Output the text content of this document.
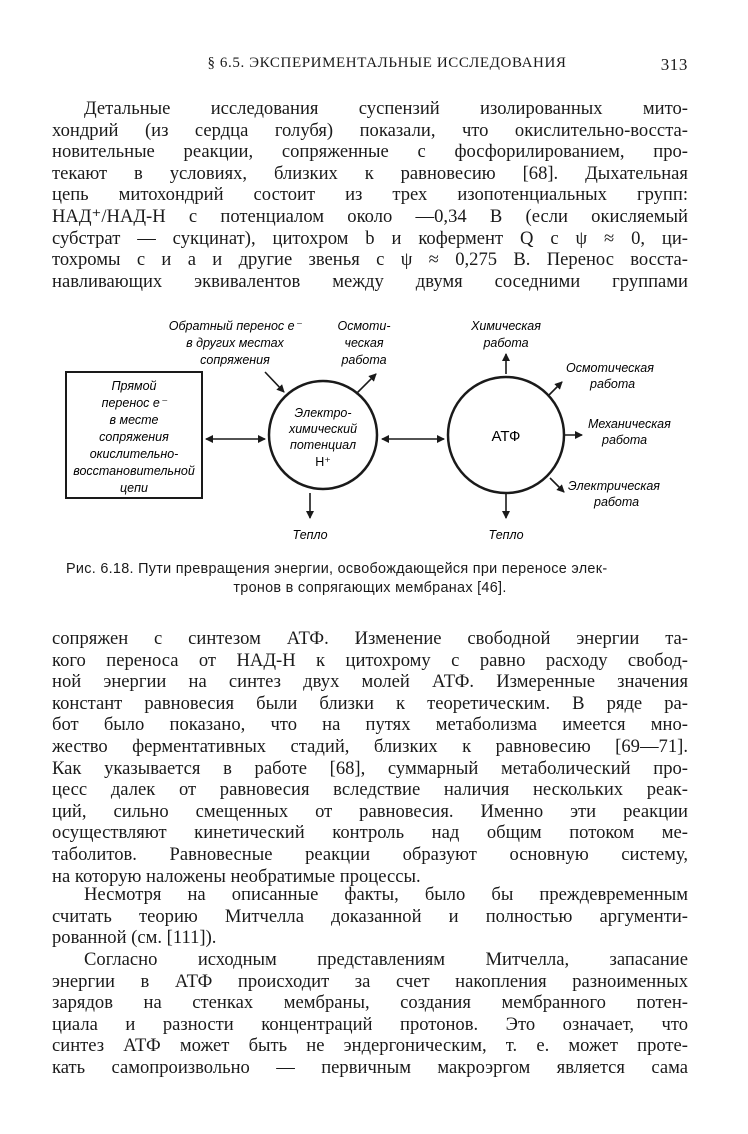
§ 6.5. ЭКСПЕРИМЕНТАЛЬНЫЕ ИССЛЕДОВАНИЯ	313
Детальные исследования суспензий изолированных мито-
хондрий (из сердца голубя) показали, что окислительно-восста-
новительные реакции, сопряженные с фосфорилированием, про-
текают в условиях, близких к равновесию [68]. Дыхательная
цепь митохондрий состоит из трех изопотенциальных групп:
НАД⁺/НАД-Н с потенциалом около —0,34 В (если окисляемый
субстрат — сукцинат), цитохром b и кофермент Q с ψ ≈ 0, ци-
тохромы c и a и другие звенья с ψ ≈ 0,275 В. Перенос восста-
навливающих эквивалентов между двумя соседними группами
Прямой
перенос e⁻
в месте
сопряжения
окислительно-
восстановительной
цепи
Обратный перенос e⁻
в других местах
сопряжения
Осмоти-
ческая
работа
Электро-
химический
потенциал
H⁺
АТФ
Химическая
работа
Осмотическая
работа
Механическая
работа
Электрическая
работа
Тепло	Тепло
Рис. 6.18. Пути превращения энергии, освобождающейся при переносе элек-
тронов в сопрягающих мембранах [46].
сопряжен с синтезом АТФ. Изменение свободной энергии та-
кого переноса от НАД-Н к цитохрому c равно расходу свобод-
ной энергии на синтез двух молей АТФ. Измеренные значения
констант равновесия были близки к теоретическим. В ряде ра-
бот было показано, что на путях метаболизма имеется мно-
жество ферментативных стадий, близких к равновесию [69—71].
Как указывается в работе [68], суммарный метаболический про-
цесс далек от равновесия вследствие наличия нескольких реак-
ций, сильно смещенных от равновесия. Именно эти реакции
осуществляют кинетический контроль над общим потоком ме-
таболитов. Равновесные реакции образуют основную систему,
на которую наложены необратимые процессы.
Несмотря на описанные факты, было бы преждевременным
считать теорию Митчелла доказанной и полностью аргументи-
рованной (см. [111]).
Согласно исходным представлениям Митчелла, запасание
энергии в АТФ происходит за счет накопления разноименных
зарядов на стенках мембраны, создания мембранного потен-
циала и разности концентраций протонов. Это означает, что
синтез АТФ может быть не эндергоническим, т. е. может проте-
кать самопроизвольно — первичным макроэргом является сама
